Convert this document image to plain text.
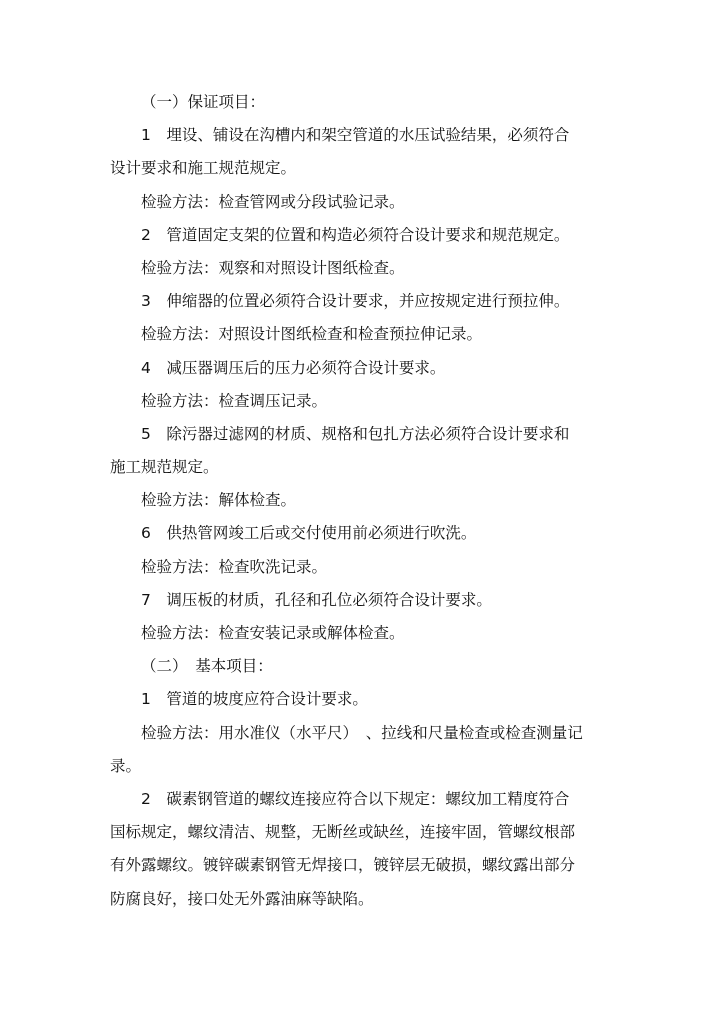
（一）保证项目：
1　埋设、铺设在沟槽内和架空管道的水压试验结果，必须符合
设计要求和施工规范规定。
检验方法：检查管网或分段试验记录。
2　管道固定支架的位置和构造必须符合设计要求和规范规定。
检验方法：观察和对照设计图纸检查。
3　伸缩器的位置必须符合设计要求，并应按规定进行预拉伸。
检验方法：对照设计图纸检查和检查预拉伸记录。
4　减压器调压后的压力必须符合设计要求。
检验方法：检查调压记录。
5　除污器过滤网的材质、规格和包扎方法必须符合设计要求和
施工规范规定。
检验方法：解体检查。
6　供热管网竣工后或交付使用前必须进行吹洗。
检验方法：检查吹洗记录。
7　调压板的材质，孔径和孔位必须符合设计要求。
检验方法：检查安装记录或解体检查。
（二）　基本项目：
1　管道的坡度应符合设计要求。
检验方法：用水准仪（水平尺）　、拉线和尺量检查或检查测量记
录。
2　碳素钢管道的螺纹连接应符合以下规定：螺纹加工精度符合
国标规定，螺纹清洁、规整，无断丝或缺丝，连接牢固，管螺纹根部
有外露螺纹。镀锌碳素钢管无焊接口，镀锌层无破损，螺纹露出部分
防腐良好，接口处无外露油麻等缺陷。
